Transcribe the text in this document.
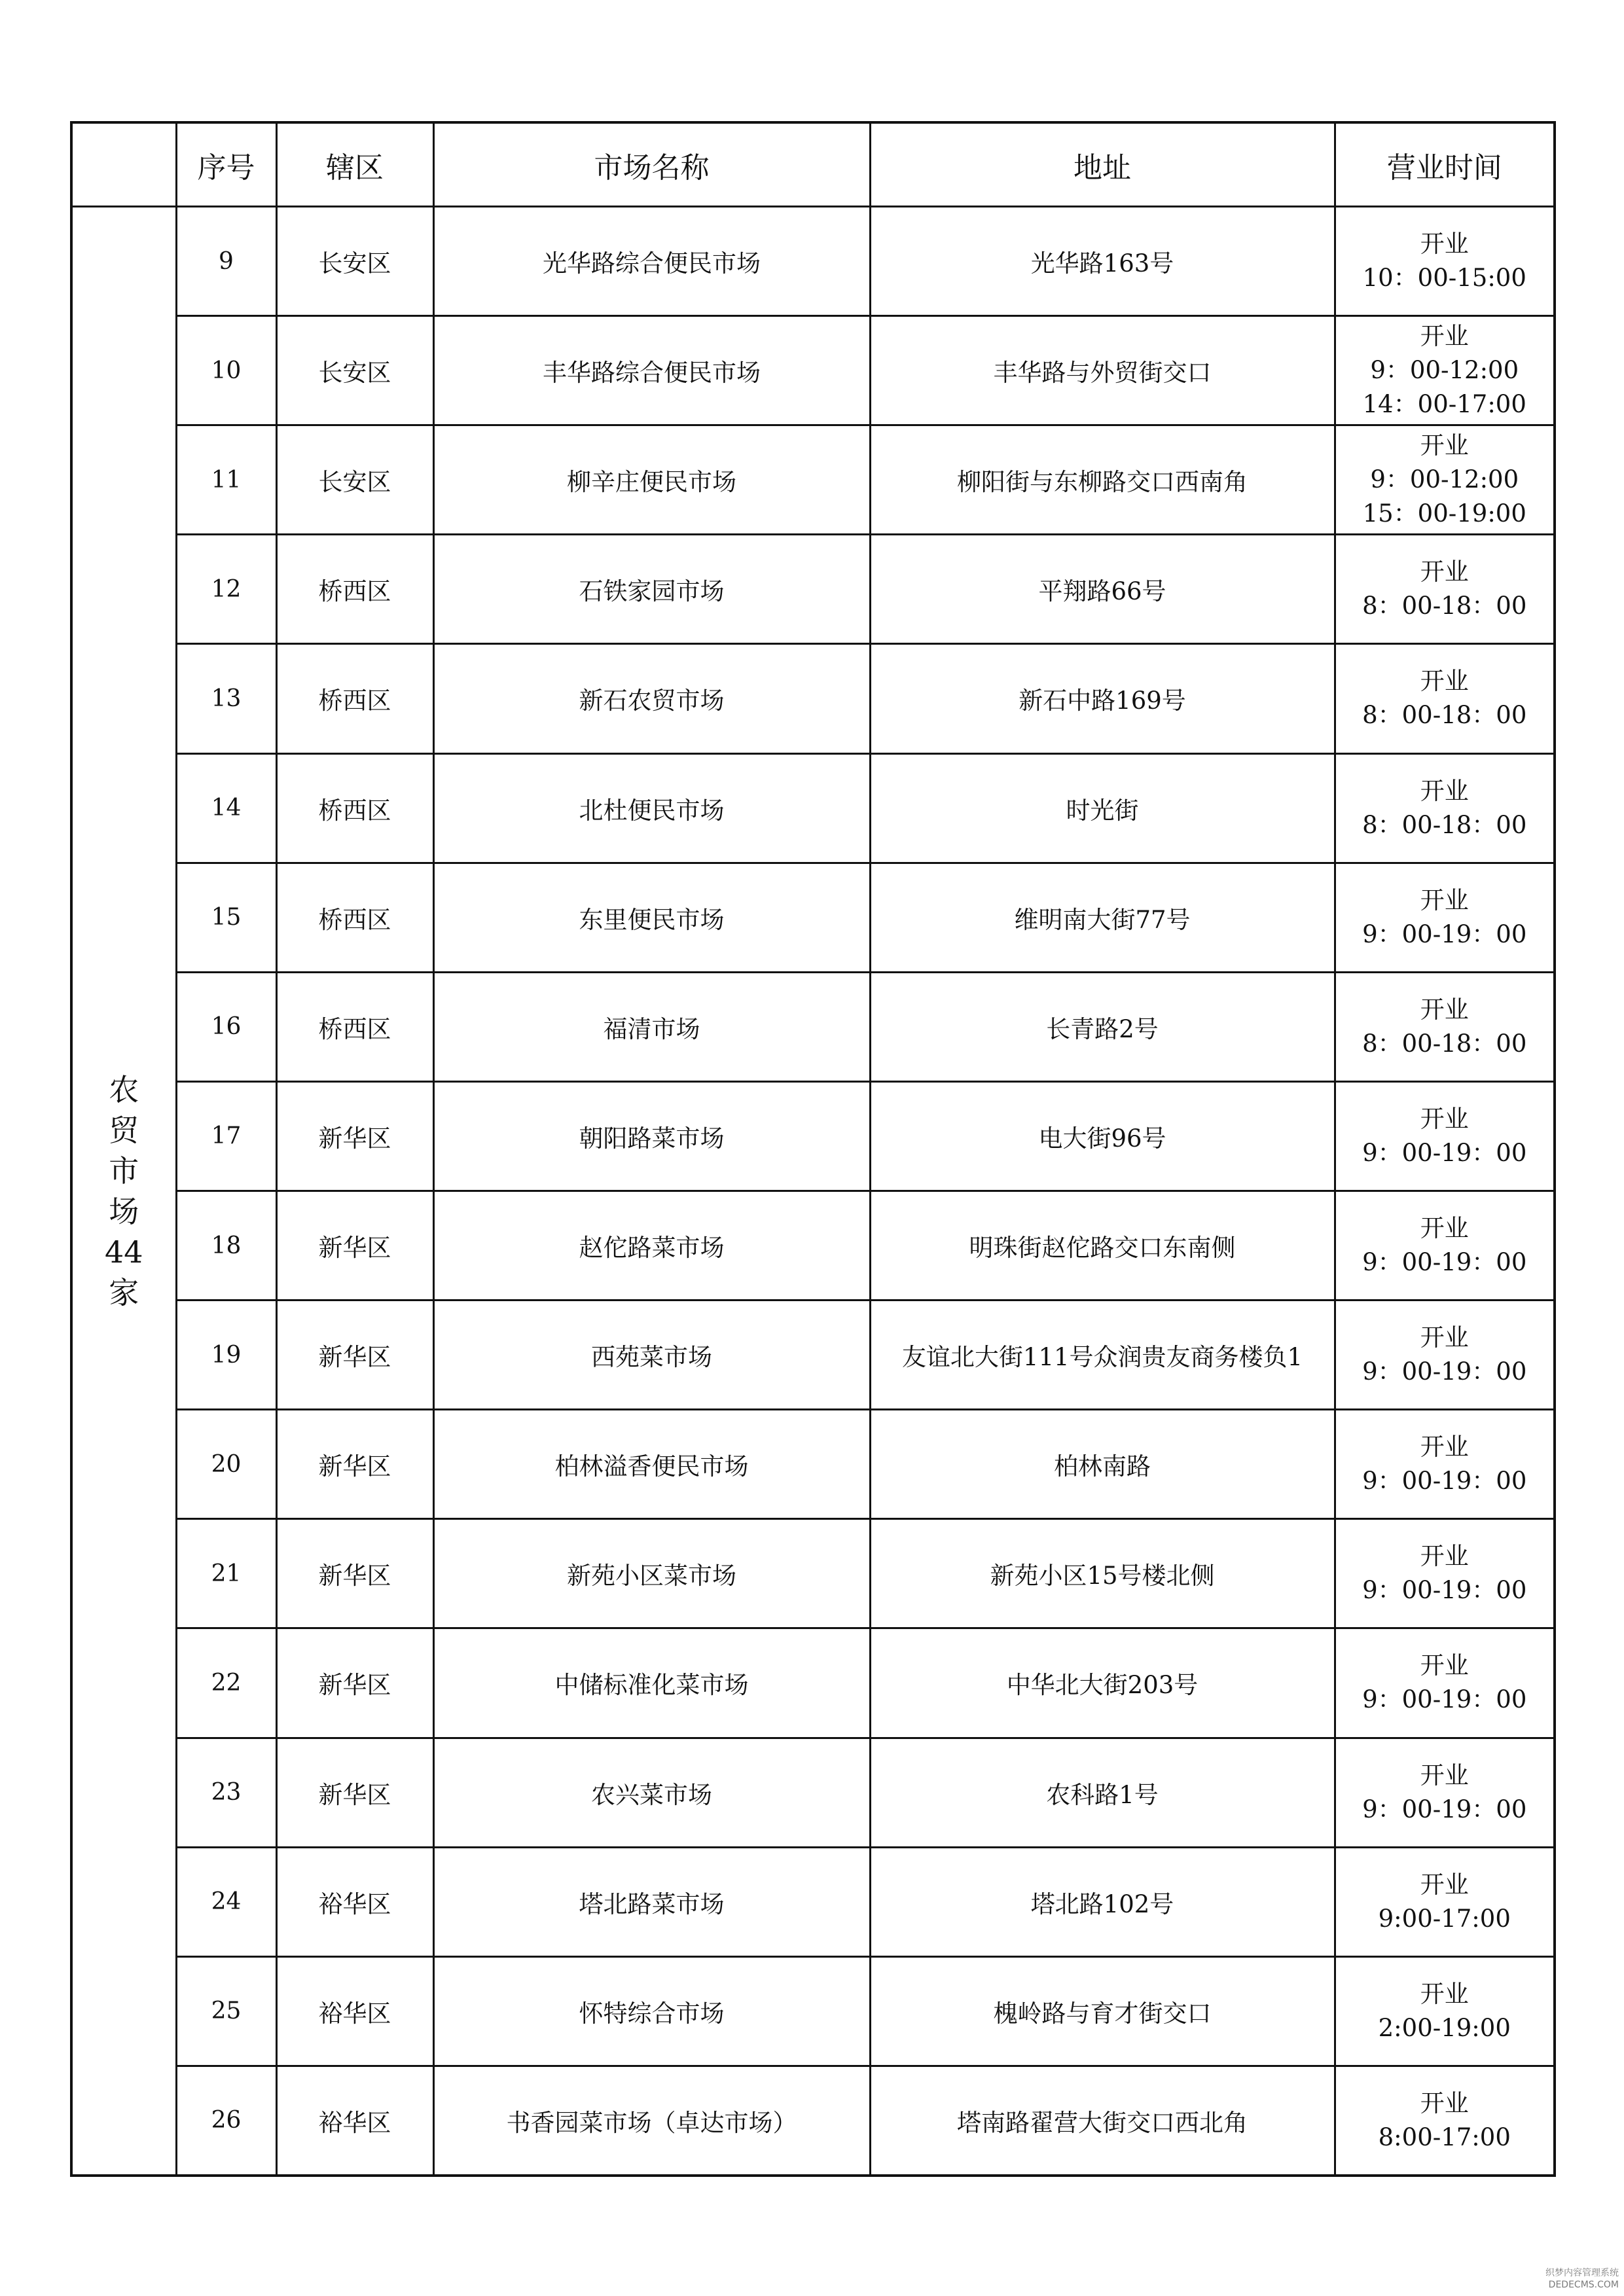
	序号	辖区	市场名称	地址	营业时间
农贸市场44家	9	长安区	光华路综合便民市场	光华路163号	开业
10：00-15:00

	10	长安区	丰华路综合便民市场	丰华路与外贸街交口	开业
9：00-12:00
14：00-17:00

	11	长安区	柳辛庄便民市场	柳阳街与东柳路交口西南角	开业
9：00-12:00
15：00-19:00

	12	桥西区	石铁家园市场	平翔路66号	开业
8：00-18：00

	13	桥西区	新石农贸市场	新石中路169号	开业
8：00-18：00

	14	桥西区	北杜便民市场	时光街	开业
8：00-18：00

	15	桥西区	东里便民市场	维明南大街77号	开业
9：00-19：00

	16	桥西区	福清市场	长青路2号	开业
8：00-18：00

	17	新华区	朝阳路菜市场	电大街96号	开业
9：00-19：00

	18	新华区	赵佗路菜市场	明珠街赵佗路交口东南侧	开业
9：00-19：00

	19	新华区	西苑菜市场	友谊北大街111号众润贵友商务楼负1	开业
9：00-19：00

	20	新华区	柏林溢香便民市场	柏林南路	开业
9：00-19：00

	21	新华区	新苑小区菜市场	新苑小区15号楼北侧	开业
9：00-19：00

	22	新华区	中储标准化菜市场	中华北大街203号	开业
9：00-19：00

	23	新华区	农兴菜市场	农科路1号	开业
9：00-19：00

	24	裕华区	塔北路菜市场	塔北路102号	开业
9:00-17:00

	25	裕华区	怀特综合市场	槐岭路与育才街交口	开业
2:00-19:00

	26	裕华区	书香园菜市场（卓达市场）	塔南路翟营大街交口西北角	开业
8:00-17:00
织梦内容管理系统
DEDECMS.COM
